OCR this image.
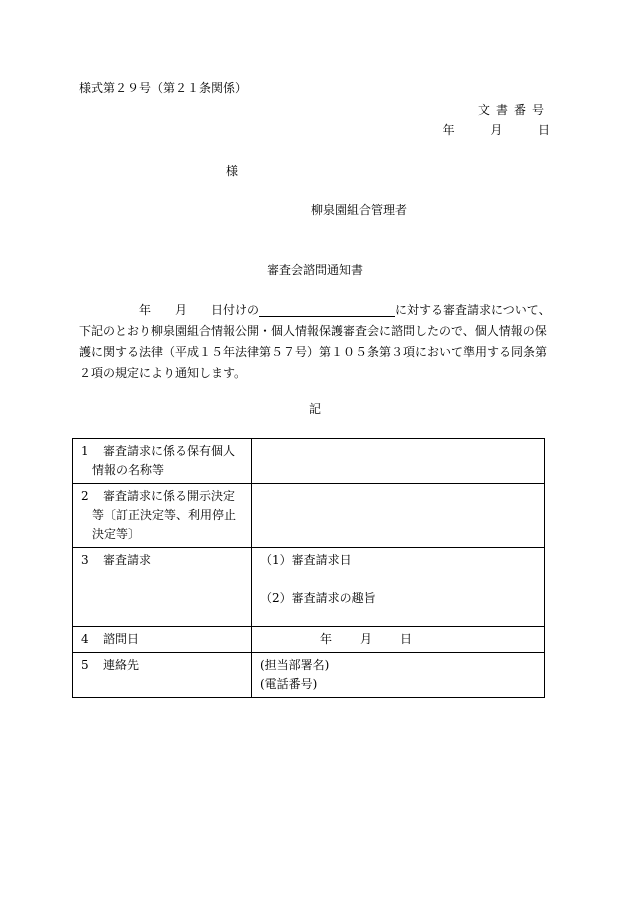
様式第２９号（第２１条関係）
文書番号
年	月	日
様
柳泉園組合管理者
審査会諮問通知書
年 月 日付けの	に対する審査請求について、
下記のとおり柳泉園組合情報公開・個人情報保護審査会に諮問したので、個人情報の保
護に関する法律（平成１５年法律第５７号）第１０５条第３項において準用する同条第
２項の規定により通知します。
記
1 審査請求に係る保有個人
情報の名称等	
2 審査請求に係る開示決定
等〔訂正決定等、利用停止
決定等〕	
3 審査請求	（1）審査請求日

（2）審査請求の趣旨
4 諮問日	年 月 日
5 連絡先	(担当部署名)
(電話番号)
